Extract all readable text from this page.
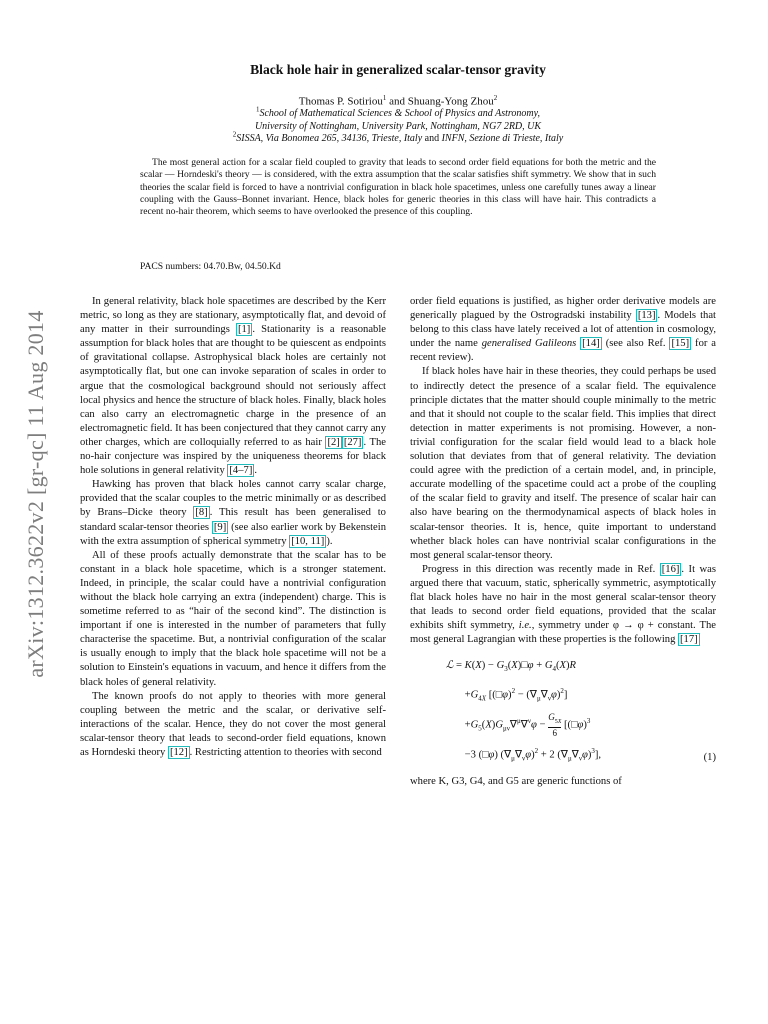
arXiv:1312.3622v2 [gr-qc] 11 Aug 2014
Black hole hair in generalized scalar-tensor gravity
Thomas P. Sotiriou$^1$ and Shuang-Yong Zhou$^2$
$^1$School of Mathematical Sciences & School of Physics and Astronomy,
University of Nottingham, University Park, Nottingham, NG7 2RD, UK
$^2$SISSA, Via Bonomea 265, 34136, Trieste, Italy and INFN, Sezione di Trieste, Italy
The most general action for a scalar field coupled to gravity that leads to second order field equations for both the metric and the scalar — Horndeski's theory — is considered, with the extra assumption that the scalar satisfies shift symmetry. We show that in such theories the scalar field is forced to have a nontrivial configuration in black hole spacetimes, unless one carefully tunes away a linear coupling with the Gauss–Bonnet invariant. Hence, black holes for generic theories in this class will have hair. This contradicts a recent no-hair theorem, which seems to have overlooked the presence of this coupling.
PACS numbers: 04.70.Bw, 04.50.Kd

In general relativity, black hole spacetimes are described by the Kerr metric, so long as they are stationary, asymptotically flat, and devoid of any matter in their surroundings [1] . Stationarity is a reasonable assumption for black holes that are thought to be quiescent as endpoints of gravitational collapse. Astrophysical black holes are certainly not asymptotically flat, but one can invoke separation of scales in order to argue that the cosmological background should not seriously affect local physics and hence the structure of black holes. Finally, black holes can also carry an electromagnetic charge in the presence of an electromagnetic field. It has been conjectured that they cannot carry any other charges, which are colloquially referred to as hair [2] [27] . The no-hair conjecture was inspired by the uniqueness theorems for black hole solutions in general relativity [4–7] .

Hawking has proven that black holes cannot carry scalar charge, provided that the scalar couples to the metric minimally or as described by Brans–Dicke theory [8] . This result has been generalised to standard scalar-tensor theories [9] (see also earlier work by Bekenstein with the extra assumption of spherical symmetry [10, 11] ).

All of these proofs actually demonstrate that the scalar has to be constant in a black hole spacetime, which is a stronger statement. Indeed, in principle, the scalar could have a nontrivial configuration without the black hole carrying an extra (independent) charge. This is sometime referred to as “hair of the second kind”. The distinction is important if one is interested in the number of parameters that fully characterise the spacetime. But, a nontrivial configuration of the scalar is usually enough to imply that the black hole spacetime will not be a solution to Einstein's equations in vacuum, and hence it differs from the black holes of general relativity.

The known proofs do not apply to theories with more general coupling between the metric and the scalar, or derivative self-interactions of the scalar. Hence, they do not cover the most general scalar-tensor theory that leads to second-order field equations, known as Horndeski theory [12] . Restricting attention to theories with second

order field equations is justified, as higher order derivative models are generically plagued by the Ostrogradski instability [13] . Models that belong to this class have lately received a lot of attention in cosmology, under the name generalised Galileons [14] (see also Ref. [15] for a recent review).

If black holes have hair in these theories, they could perhaps be used to indirectly detect the presence of a scalar field. The equivalence principle dictates that the matter should couple minimally to the metric and that it should not couple to the scalar field. This implies that direct detection in matter experiments is not promising. However, a non-trivial configuration for the scalar field would lead to a black hole solution that deviates from that of general relativity. The deviation could agree with the prediction of a certain model, and, in principle, accurate modelling of the spacetime could act a probe of the coupling of the scalar field to gravity and itself. The presence of scalar hair can also have bearing on the thermodynamical aspects of black holes in scalar-tensor theories. It is, hence, quite important to understand whether black holes can have nontrivial scalar configurations in the most general scalar-tensor theory.

Progress in this direction was recently made in Ref. [16] . It was argued there that vacuum, static, spherically symmetric, asymptotically flat black holes have no hair in the most general scalar-tensor theory that leads to second order field equations, provided that the scalar exhibits shift symmetry, i.e., symmetry under φ → φ + constant. The most general Lagrangian with these properties is the following [17]

ℒ = $K(X) - G_3(X)□\varphi + G_4(X)R$
$+G_{4X}$ [(□φ)$^2$ − $(\nabla_\mu\nabla_\nu\varphi)^2$]
$+G_5(X)G_{\mu\nu}\nabla^\mu\nabla^\nu\varphi - \frac{G_{5X}}{6}$ [(□φ)$^3$
−3 (□φ) $(\nabla_\mu\nabla_\nu\varphi)^2 + 2$ $(\nabla_\mu\nabla_\nu\varphi)^3$],	(1)

where K, G3, G4, and G5 are generic functions of
